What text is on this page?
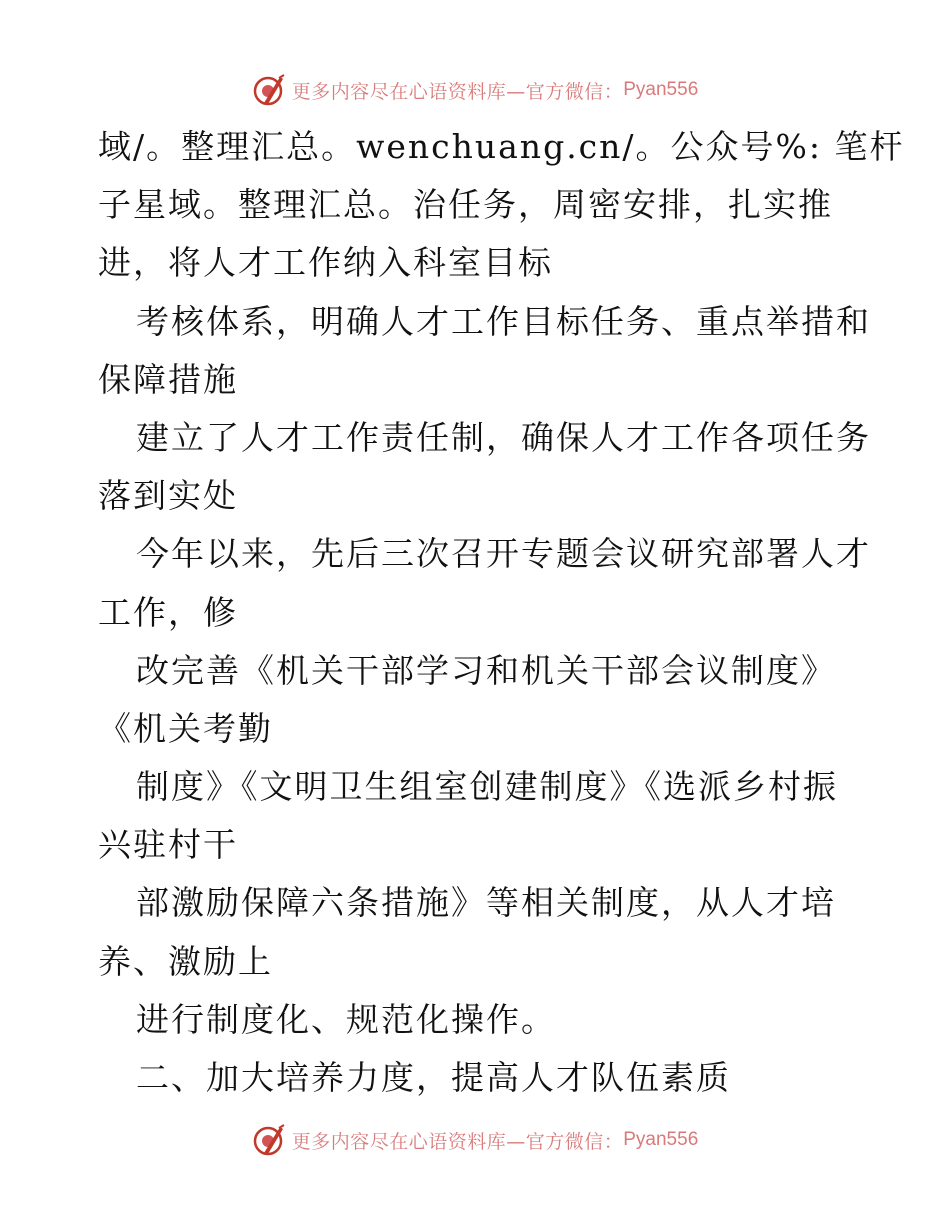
更多内容尽在心语资料库—官方微信： Pyan556
域/。整理汇总。wenchuang.cn/。公众号%: 笔杆
子星域。整理汇总。治任务，周密安排，扎实推
进，将人才工作纳入科室目标
考核体系，明确人才工作目标任务、重点举措和
保障措施
建立了人才工作责任制，确保人才工作各项任务
落到实处
今年以来，先后三次召开专题会议研究部署人才
工作，修
改完善《机关干部学习和机关干部会议制度》
《机关考勤
制度》《文明卫生组室创建制度》《选派乡村振
兴驻村干
部激励保障六条措施》等相关制度，从人才培
养、激励上
进行制度化、规范化操作。
二、加大培养力度，提高人才队伍素质
更多内容尽在心语资料库—官方微信： Pyan556
